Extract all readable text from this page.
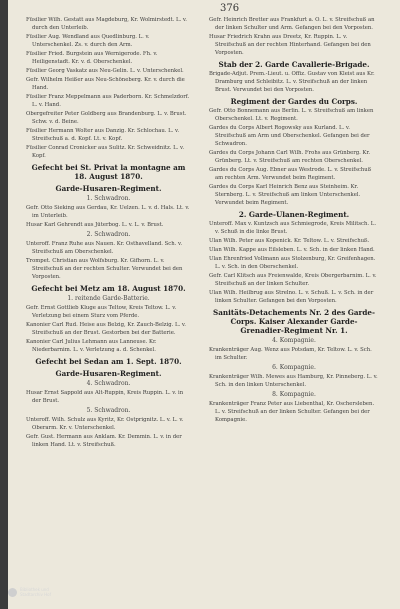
376

Füsilier Wilh. Gestatt aus Magdeburg, Kr. Wolmirstedt. L. v. durch den Unterleib.

Füsilier Aug. Wendland aus Quedlinburg. L. v. Unterschenkel. Zs. v. durch den Arm.

Füsilier Fried. Burgstein aus Wernigerode. Fh. v. Heiligenstadt. Kr. v. d. Oberschenkel.

Füsilier Georg Vaskatz aus Neu-Gelin. L. v. Unterschenkel.

Gefr. Wilhelm Heißer aus Neu-Schöneberg. Kr. v. durch die Hand.

Füsilier Franz Meppelmann aus Paderborn. Kr. Schmelzdorf. L. v. Hand.

Obergefreiter Peter Goldberg aus Brandenburg. L. v. Brust. Schw. v. d. Beine.

Füsilier Hermann Wolter aus Danzig. Kr. Schlochau. L. v. Streifschuß a. d. Kopf. Lt. v. Kopf.

Füsilier Conrad Cronicker aus Sulitz. Kr. Schweidnitz. L. v. Kopf.

Gefecht bei St. Privat la montagne am 18. August 1870.
Garde-Husaren-Regiment.
1. Schwadron.

Gefr. Otto Sieking aus Gerdau, Kr. Uelzen. L. v. d. Hals. Lt. v. im Unterleib.

Husar Karl Gehrendt aus Jüterbog. L. v. L. v. Brust.

2. Schwadron.

Unteroff. Franz Ruhe aus Nauen. Kr. Osthavelland. Sch. v. Streifschuß am Oberschenkel.

Trompet. Christian aus Wolfsburg. Kr. Gifhorn. L. v. Streifschuß an der rechten Schulter. Verwundet bei den Vorposten.

Gefecht bei Metz am 18. August 1870.
1. reitende Garde-Batterie.

Gefr. Ernst Gottlieb Kluge aus Teltow, Kreis Teltow. L. v. Verletzung bei einem Sturz vom Pferde.

Kanonier Carl Rud. Heise aus Belzig, Kr. Zauch-Belzig. L. v. Streifschuß an der Brust. Gestorben bei der Batterie.

Kanonier Carl Julius Lehmann aus Lanneuse. Kr. Niederbarnim. L. v. Verletzung a. d. Schenkel.

Gefecht bei Sedan am 1. Sept. 1870.
Garde-Husaren-Regiment.
4. Schwadron.

Husar Ernst Sappold aus Alt-Ruppin, Kreis Ruppin. L. v. in der Brust.

5. Schwadron.

Unteroff. Wilh. Schulz aus Kyritz, Kr. Ostprignitz. L. v. L. v. Oberarm. Kr. v. Unterschenkel.

Gefr. Gust. Hermann aus Anklam. Kr. Demmin. L. v. in der linken Hand. Lt. v. Streifschuß.

Gefr. Heinrich Bretter aus Frankfurt a. O. L. v. Streifschuß an der linken Schulter und Arm. Gefangen bei den Vorposten.

Husar Friedrich Krahn aus Dreetz, Kr. Ruppin. L. v. Streifschuß an der rechten Hinterhand. Gefangen bei den Vorposten.

Stab der 2. Garde Cavallerie-Brigade.

Brigade-Adjut. Prem.-Lieut. u. Offiz. Gustav von Kleist aus Kr. Dramburg und Schleibitz. L. v. Streifschuß an der linken Brust. Verwundet bei den Vorposten.

Regiment der Gardes du Corps.

Gefr. Otto Bonnemann aus Berlin. L. v. Streifschuß am linken Oberschenkel. Lt. v. Regiment.

Gardes du Corps Albert Rogowsky aus Kurland. L. v. Streifschuß am Arm und Oberschenkel. Gefangen bei der Schwadron.

Gardes du Corps Johann Carl Wilh. Frohs aus Grünberg. Kr. Grünberg. Lt. v. Streifschuß am rechten Oberschenkel.

Gardes du Corps Aug. Ebner aus Westrode. L. v. Streifschuß am rechten Arm. Verwundet beim Regiment.

Gardes du Corps Karl Heinrich Benz aus Steinheim. Kr. Sternberg. L. v. Streifschuß am linken Unterschenkel. Verwundet beim Regiment.

2. Garde-Ulanen-Regiment.

Unteroff. Max v. Kuntzsch aus Schmiegrode, Kreis Militsch. L. v. Schuß in die linke Brust.

Ulan Wilh. Peter aus Kopenick. Kr. Teltow. L. v. Streifschuß.

Ulan Wilh. Kappe aus Eilsleben. L. v. Sch. in der linken Hand.

Ulan Ehrenfried Vollmann aus Stolzenburg, Kr. Greifenhagen. L. v. Sch. in den Oberschenkel.

Gefr. Carl Klitsch aus Freienwalde, Kreis Obergerbarnim. L. v. Streifschuß an der linken Schulter.

Ulan Wilh. Heilbrug aus Strelno. L. v. Schuß. L. v. Sch. in der linken Schulter. Gefangen bei den Vorposten.

Sanitäts-Detachements Nr. 2 des Garde-Corps. Kaiser Alexander Garde-Grenadier-Regiment Nr. 1.
4. Kompagnie.

Krankenträger Aug. Wenz aus Potsdam, Kr. Teltow. L. v. Sch. im Schulter.

6. Kompagnie.

Krankenträger Wilh. Mewes aus Hamburg, Kr. Pinneberg. L. v. Sch. in den linken Unterschenkel.

8. Kompagnie.

Krankenträger Franz Peter aus Liebenthal, Kr. Oschersleben. L. v. Streifschuß an der linken Schulter. Gefangen bei der Kompagnie.

Bibliothek und
Stadtarchiv Hof
